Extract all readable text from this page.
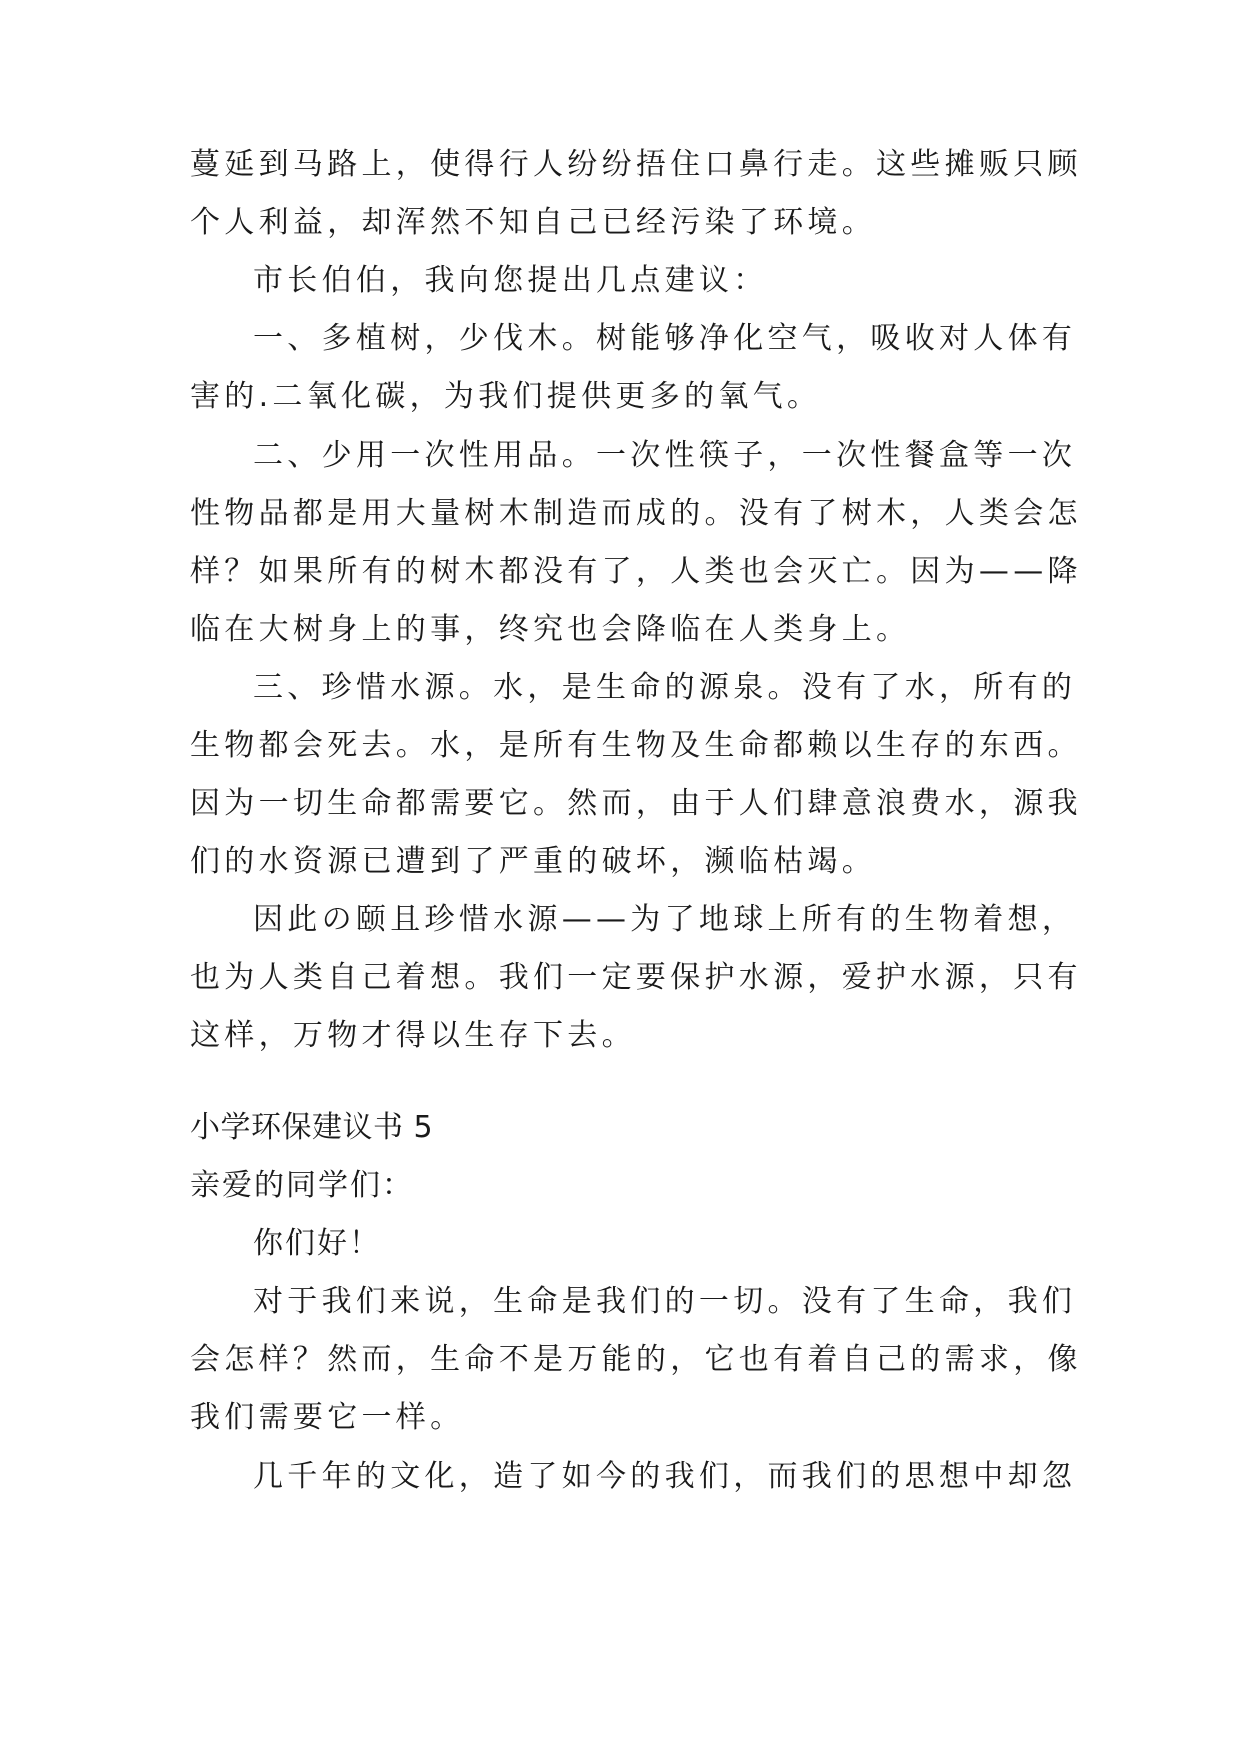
蔓延到马路上，使得行人纷纷捂住口鼻行走。这些摊贩只顾
个人利益，却浑然不知自己已经污染了环境。
市长伯伯，我向您提出几点建议：
一、多植树，少伐木。树能够净化空气，吸收对人体有
害的.二氧化碳，为我们提供更多的氧气。
二、少用一次性用品。一次性筷子，一次性餐盒等一次
性物品都是用大量树木制造而成的。没有了树木，人类会怎
样？如果所有的树木都没有了，人类也会灭亡。因为——降
临在大树身上的事，终究也会降临在人类身上。
三、珍惜水源。水，是生命的源泉。没有了水，所有的
生物都会死去。水，是所有生物及生命都赖以生存的东西。
因为一切生命都需要它。然而，由于人们肆意浪费水，源我
们的水资源已遭到了严重的破坏，濒临枯竭。
因此の颐且珍惜水源——为了地球上所有的生物着想，
也为人类自己着想。我们一定要保护水源，爱护水源，只有
这样，万物才得以生存下去。
小学环保建议书 5
亲爱的同学们：
你们好！
对于我们来说，生命是我们的一切。没有了生命，我们
会怎样？然而，生命不是万能的，它也有着自己的需求，像
我们需要它一样。
几千年的文化，造了如今的我们，而我们的思想中却忽
